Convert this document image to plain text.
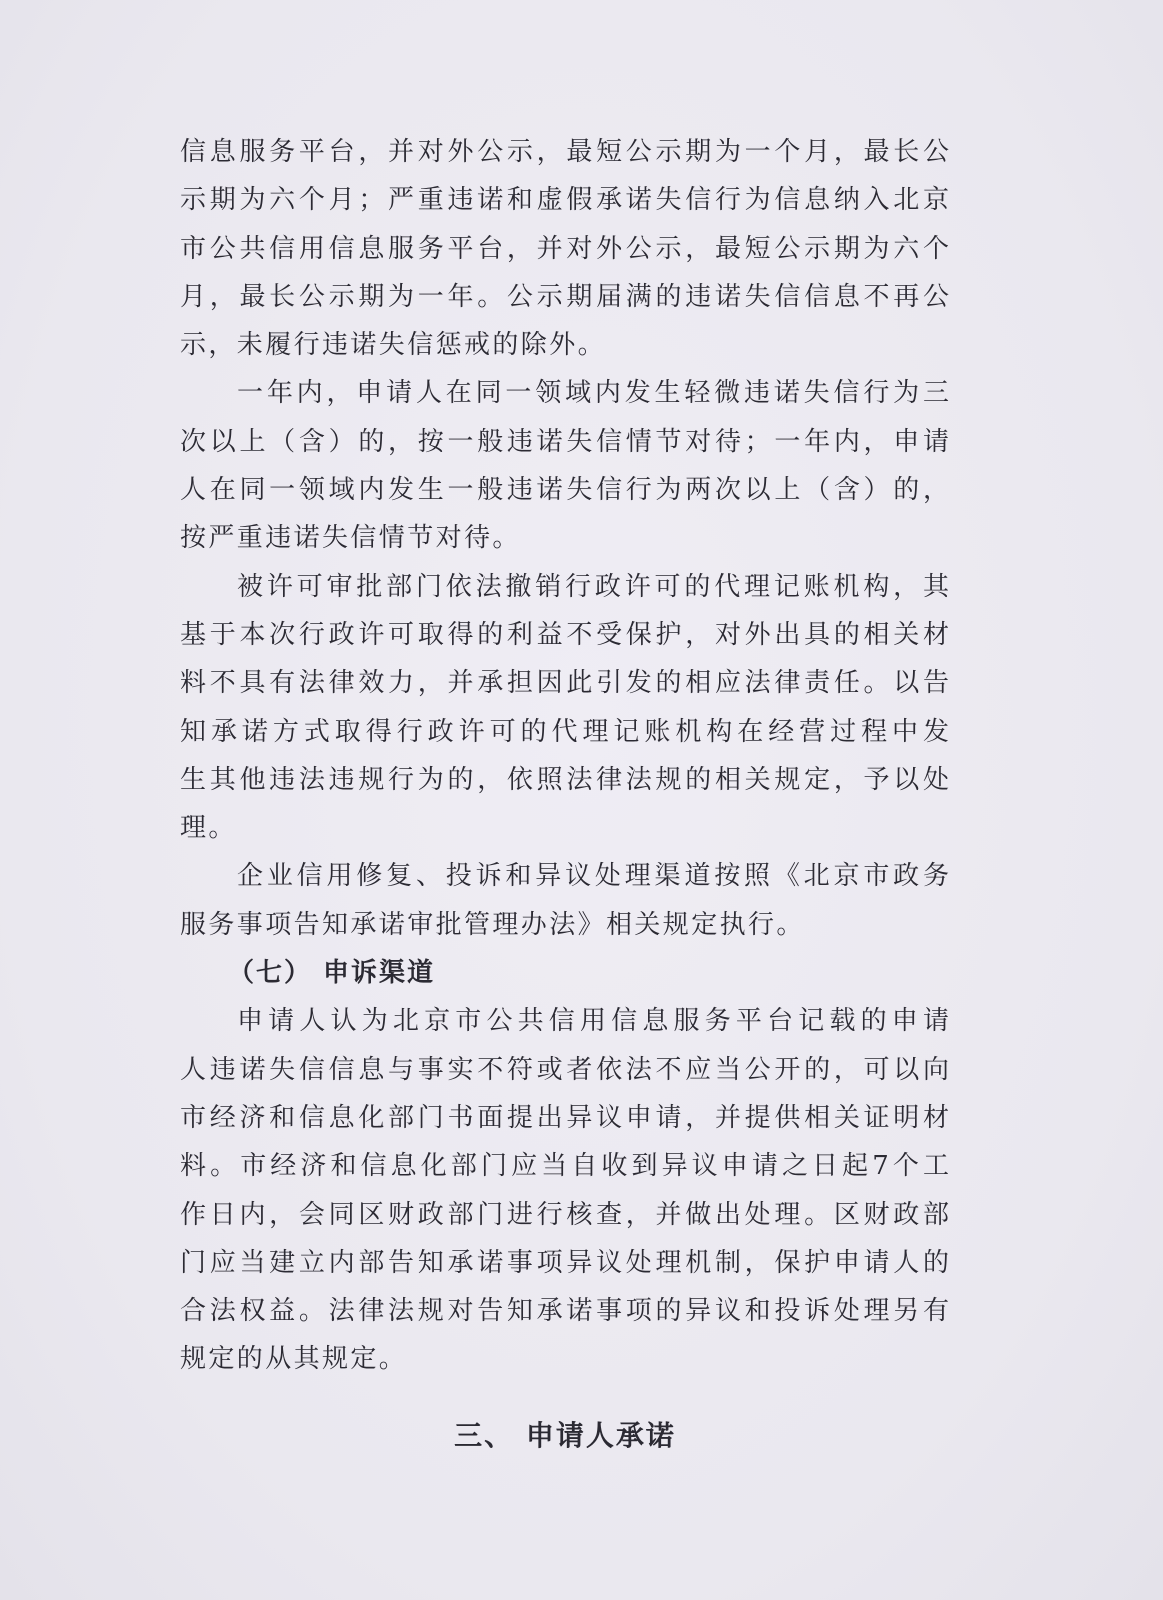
信息服务平台，并对外公示，最短公示期为一个月，最长公
示期为六个月；严重违诺和虚假承诺失信行为信息纳入北京
市公共信用信息服务平台，并对外公示，最短公示期为六个
月，最长公示期为一年。公示期届满的违诺失信信息不再公
示，未履行违诺失信惩戒的除外。
一年内，申请人在同一领域内发生轻微违诺失信行为三
次以上（含）的，按一般违诺失信情节对待；一年内，申请
人在同一领域内发生一般违诺失信行为两次以上（含）的，
按严重违诺失信情节对待。
被许可审批部门依法撤销行政许可的代理记账机构，其
基于本次行政许可取得的利益不受保护，对外出具的相关材
料不具有法律效力，并承担因此引发的相应法律责任。以告
知承诺方式取得行政许可的代理记账机构在经营过程中发
生其他违法违规行为的，依照法律法规的相关规定，予以处
理。
企业信用修复、投诉和异议处理渠道按照《北京市政务
服务事项告知承诺审批管理办法》相关规定执行。
（七） 申诉渠道
申请人认为北京市公共信用信息服务平台记载的申请
人违诺失信信息与事实不符或者依法不应当公开的，可以向
市经济和信息化部门书面提出异议申请，并提供相关证明材
料。市经济和信息化部门应当自收到异议申请之日起7个工
作日内，会同区财政部门进行核查，并做出处理。区财政部
门应当建立内部告知承诺事项异议处理机制，保护申请人的
合法权益。法律法规对告知承诺事项的异议和投诉处理另有
规定的从其规定。
三、 申请人承诺
